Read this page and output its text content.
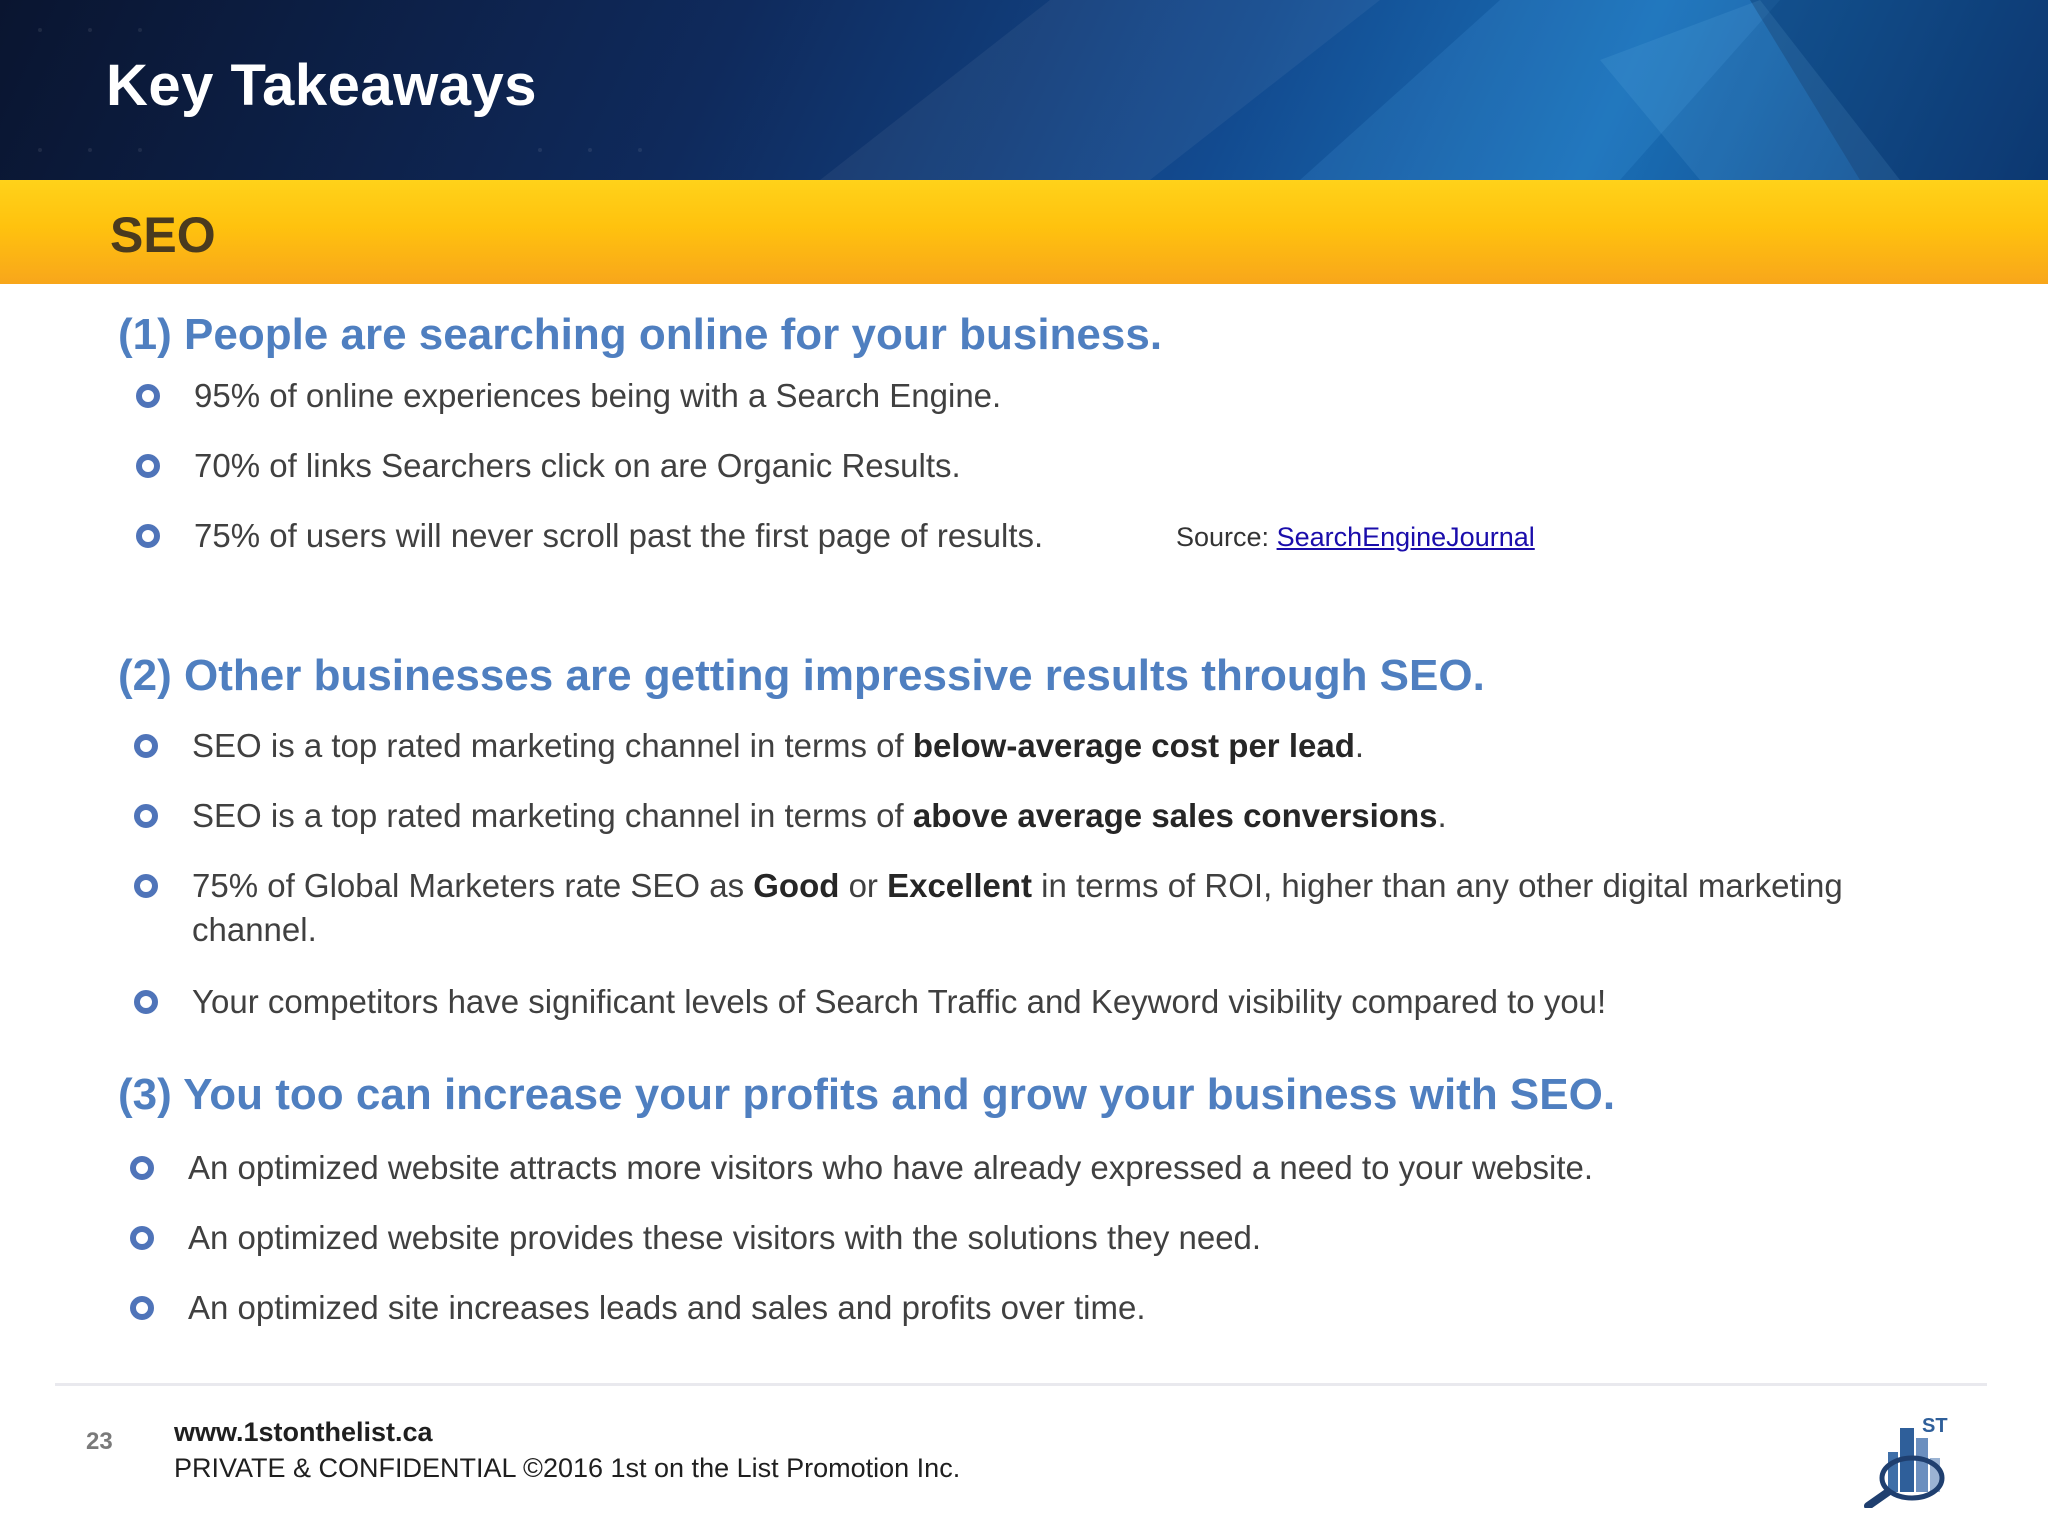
Key Takeaways
SEO
(1) People are searching online for your business.
95% of online experiences being with a Search Engine.
70% of links Searchers click on are Organic Results.
75% of users will never scroll past the first page of results.	Source: SearchEngineJournal
(2) Other businesses are getting impressive results through SEO.
SEO is a top rated marketing channel in terms of below-average cost per lead.
SEO is a top rated marketing channel in terms of above average sales conversions.
75% of Global Marketers rate SEO as Good or Excellent in terms of ROI, higher than any other digital marketing
channel.
Your competitors have significant levels of Search Traffic and Keyword visibility compared to you!
(3) You too can increase your profits and grow your business with SEO.
An optimized website attracts more visitors who have already expressed a need to your website.
An optimized website provides these visitors with the solutions they need.
An optimized site increases leads and sales and profits over time.
23 www.1stonthelist.ca
PRIVATE & CONFIDENTIAL ©2016 1st on the List Promotion Inc.
ST
